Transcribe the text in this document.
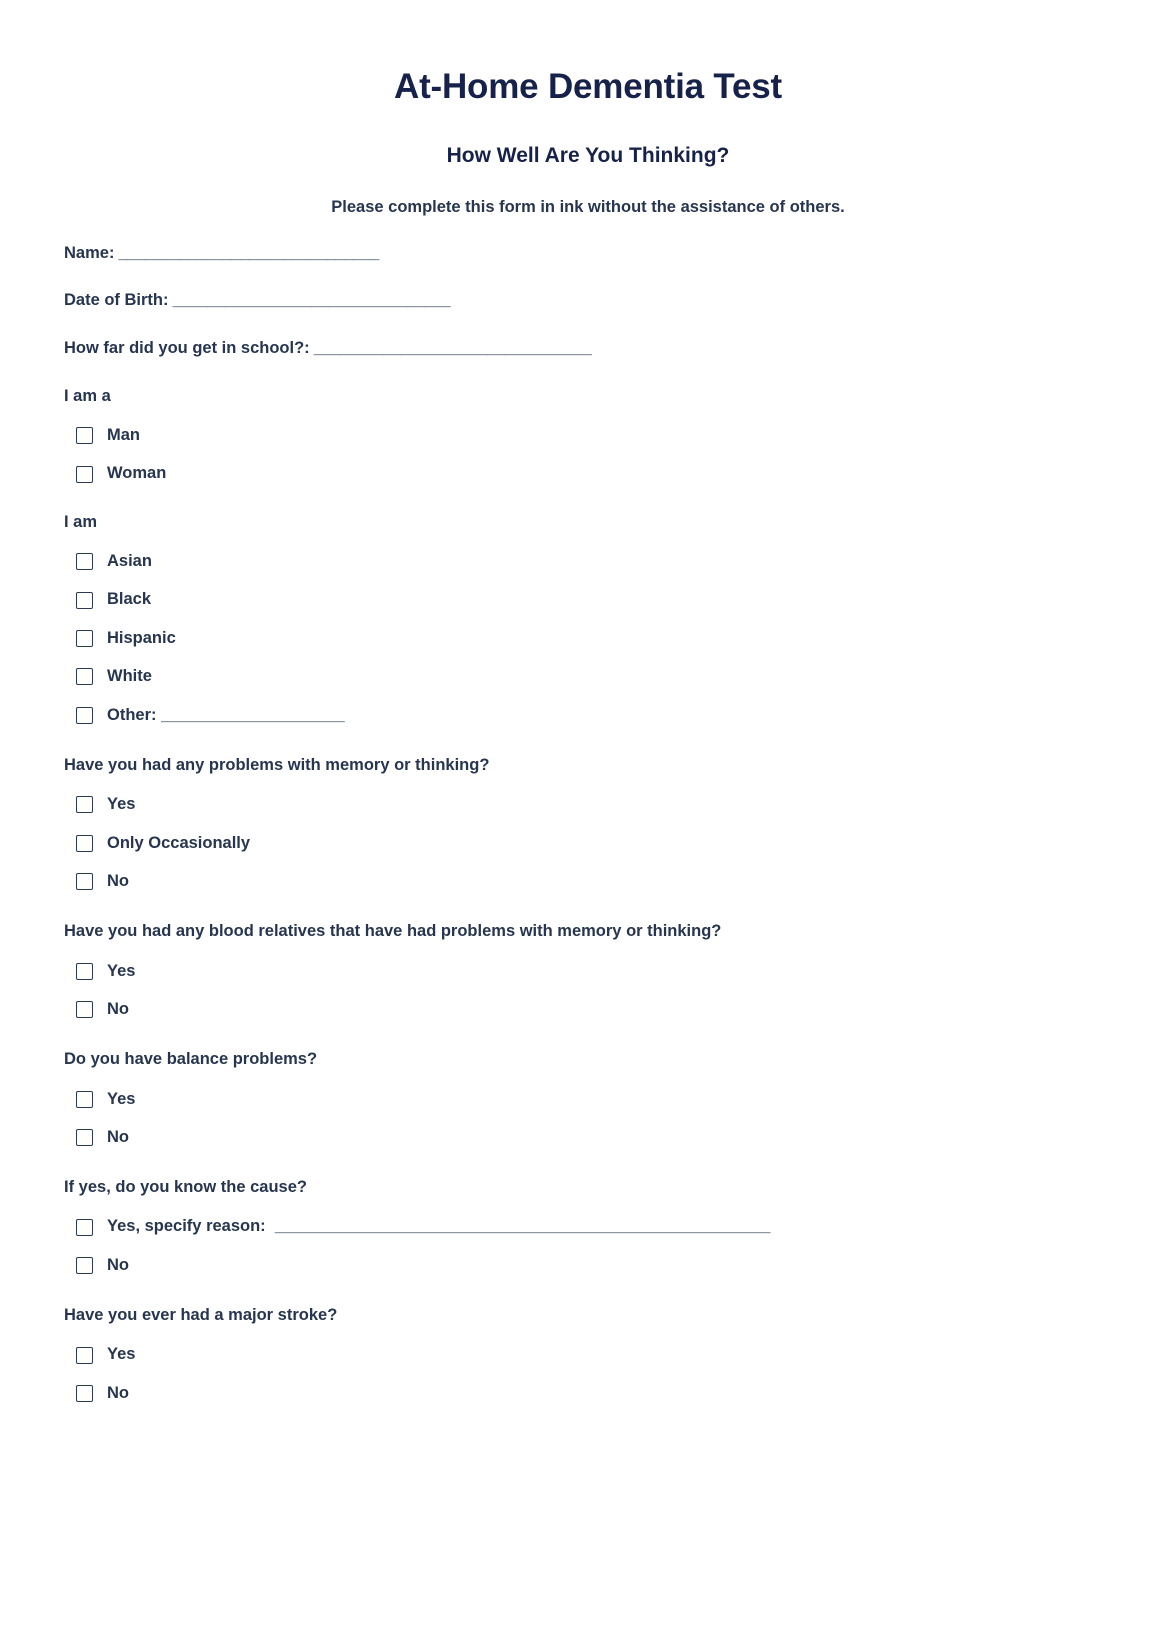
At-Home Dementia Test
How Well Are You Thinking?

Please complete this form in ink without the assistance of others.

Name: ______________________________
Date of Birth: ________________________________
How far did you get in school?: ________________________________
I am a
Man
Woman
I am
Asian
Black
Hispanic
White
Other: ____________________
Have you had any problems with memory or thinking?
Yes
Only Occasionally
No
Have you had any blood relatives that have had problems with memory or thinking?
Yes
No
Do you have balance problems?
Yes
No
If yes, do you know the cause?
Yes, specify reason:  ______________________________________________________
No
Have you ever had a major stroke?
Yes
No
